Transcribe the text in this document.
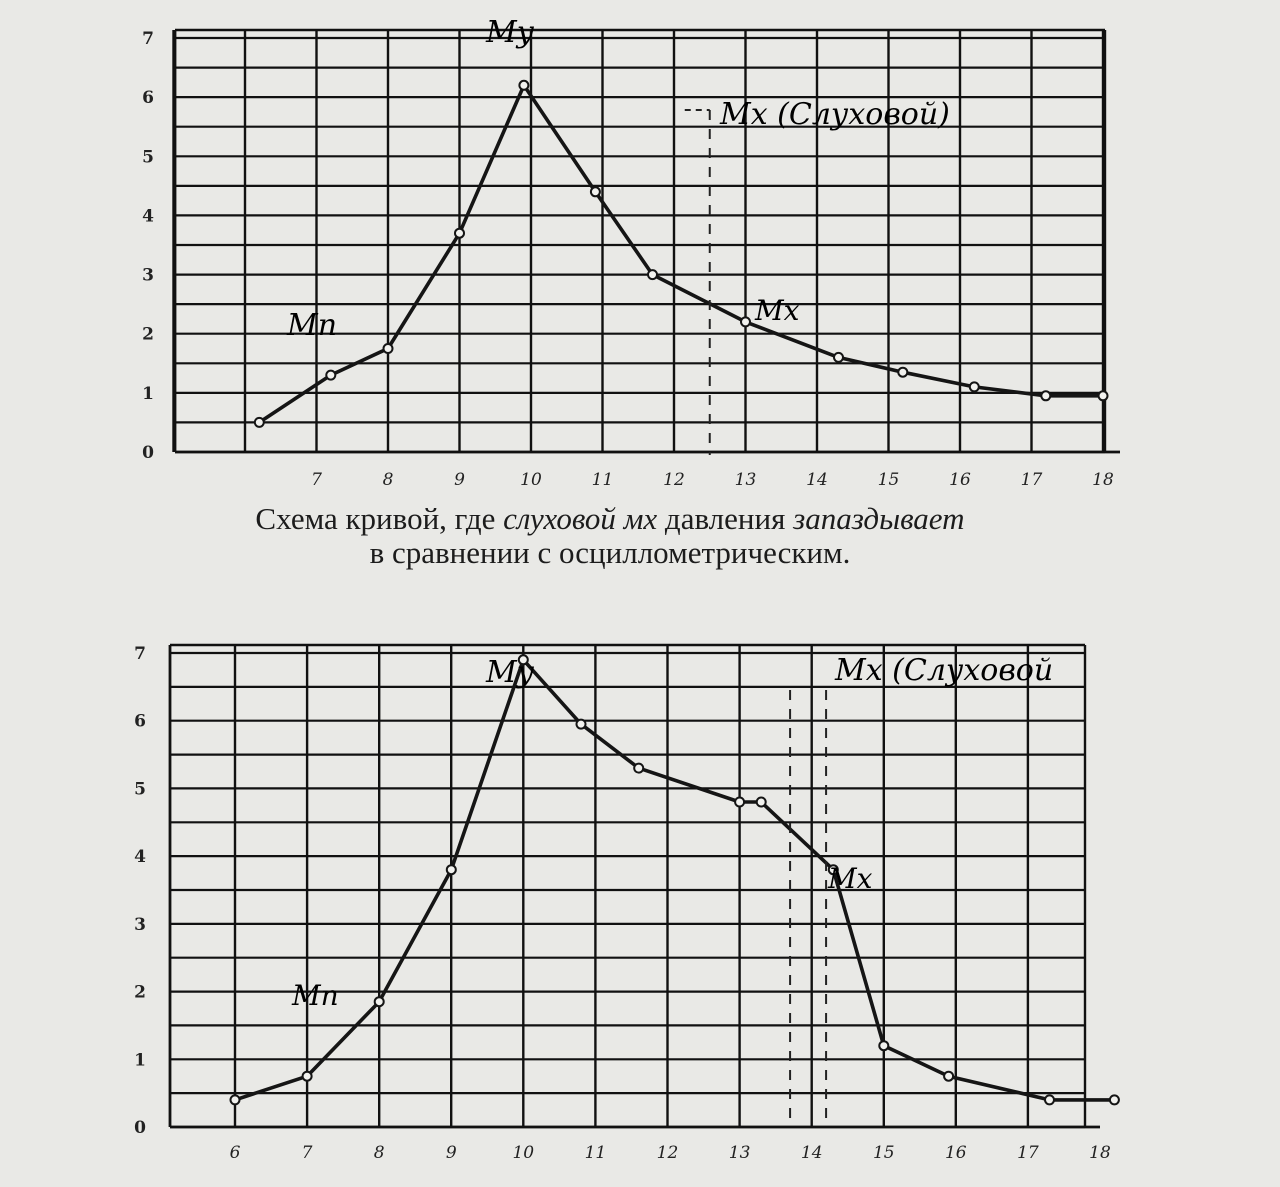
7	8	9	10	11	12	13	14	15	16	17	18
0
1
2
3
4
5
6
7	Му
Мп	Мх
Мх (Слуховой)
6	7	8	9	10	11	12	13	14	15	16	17	18
0
1
2
3
4
5
6
7
Му
Мп
Мх
Мх (Слуховой
Схема кривой, где слуховой мх давления запаздывает
в сравнении с осциллометрическим.
